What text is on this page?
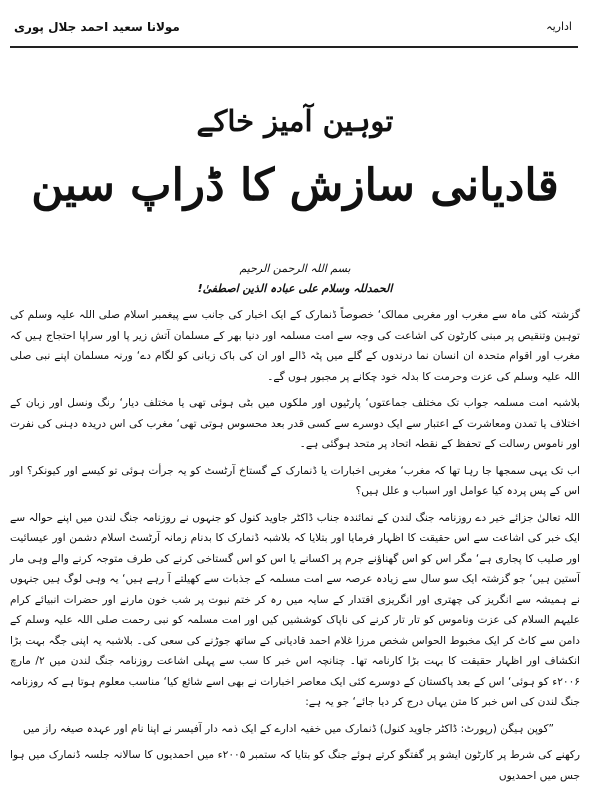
مولانا سعید احمد جلال پوری	اداریہ
توہین آمیز خاکے
قادیانی سازش کا ڈراپ سین
بسم اللہ الرحمن الرحیم
الحمدللہ وسلام علی عبادہ الذین اصطفیٰ!

گزشتہ کئی ماہ سے مغرب اور مغربی ممالک‘ خصوصاً ڈنمارک کے ایک اخبار کی جانب سے پیغمبر اسلام صلی اللہ علیہ وسلم کی توہین وتنقیص پر مبنی کارٹون کی اشاعت کی وجہ سے امت مسلمہ اور دنیا بھر کے مسلمان آتش زیر پا اور سراپا احتجاج ہیں کہ مغرب اور اقوام متحدہ ان انسان نما درندوں کے گلے میں پٹہ ڈالے اور ان کی باک زبانی کو لگام دے‘ ورنہ مسلمان اپنے نبی صلی اللہ علیہ وسلم کی عزت وحرمت کا بدلہ خود چکانے پر مجبور ہوں گے۔

بلاشبہ امت مسلمہ جواب تک مختلف جماعتوں‘ پارٹیوں اور ملکوں میں بٹی ہوئی تھی یا مختلف دیار‘ رنگ ونسل اور زبان کے اختلاف یا تمدن ومعاشرت کے اعتبار سے ایک دوسرے سے کسی قدر بعد محسوس ہوتی تھی‘ مغرب کی اس دریدہ دہنی کی نفرت اور ناموس رسالت کے تحفظ کے نقطہ اتحاد پر متحد ہوگئی ہے۔

اب تک یہی سمجھا جا رہا تھا کہ مغرب‘ مغربی اخبارات یا ڈنمارک کے گستاخ آرٹسٹ کو یہ جرأت ہوئی تو کیسے اور کیونکر؟ اور اس کے پس پردہ کیا عوامل اور اسباب و علل ہیں؟

اللہ تعالیٰ جزائے خیر دے روزنامہ جنگ لندن کے نمائندہ جناب ڈاکٹر جاوید کنول کو جنہوں نے روزنامہ جنگ لندن میں اپنے حوالہ سے ایک خبر کی اشاعت سے اس حقیقت کا اظہار فرمایا اور بتلایا کہ بلاشبہ ڈنمارک کا بدنام زمانہ آرٹسٹ اسلام دشمن اور عیسائیت اور صلیب کا پجاری ہے‘ مگر اس کو اس گھناؤنے جرم پر اکسانے یا اس کو اس گستاخی کرنے کی طرف متوجہ کرنے والے وہی مار آستین ہیں‘ جو گزشتہ ایک سو سال سے زیادہ عرصہ سے امت مسلمہ کے جذبات سے کھیلتے آ رہے ہیں‘ یہ وہی لوگ ہیں جنہوں نے ہمیشہ سے انگریز کی چھتری اور انگریزی اقتدار کے سایہ میں رہ کر ختم نبوت پر شب خون مارنے اور حضرات انبیائے کرام علیہم السلام کی عزت وناموس کو تار تار کرنے کی ناپاک کوششیں کیں اور امت مسلمہ کو نبی رحمت صلی اللہ علیہ وسلم کے دامن سے کاٹ کر ایک مخبوط الحواس شخص مرزا غلام احمد قادیانی کے ساتھ جوڑنے کی سعی کی۔ بلاشبہ یہ اپنی جگہ بہت بڑا انکشاف اور اظہار حقیقت کا بہت بڑا کارنامہ تھا۔ چنانچہ اس خبر کا سب سے پہلی اشاعت روزنامہ جنگ لندن میں ۲/ مارچ ۲۰۰۶ء کو ہوئی‘ اس کے بعد پاکستان کے دوسرے کئی ایک معاصر اخبارات نے بھی اسے شائع کیا‘ مناسب معلوم ہوتا ہے کہ روزنامہ جنگ لندن کی اس خبر کا متن یہاں درج کر دیا جائے‘ جو یہ ہے:

”کوپن ہیگن (رپورٹ: ڈاکٹر جاوید کنول) ڈنمارک میں خفیہ ادارے کے ایک ذمہ دار آفیسر نے اپنا نام اور عہدہ صیغہ راز میں

رکھنے کی شرط پر کارٹون ایشو پر گفتگو کرتے ہوئے جنگ کو بتایا کہ ستمبر ۲۰۰۵ء میں احمدیوں کا سالانہ جلسہ ڈنمارک میں ہوا جس میں احمدیوں
